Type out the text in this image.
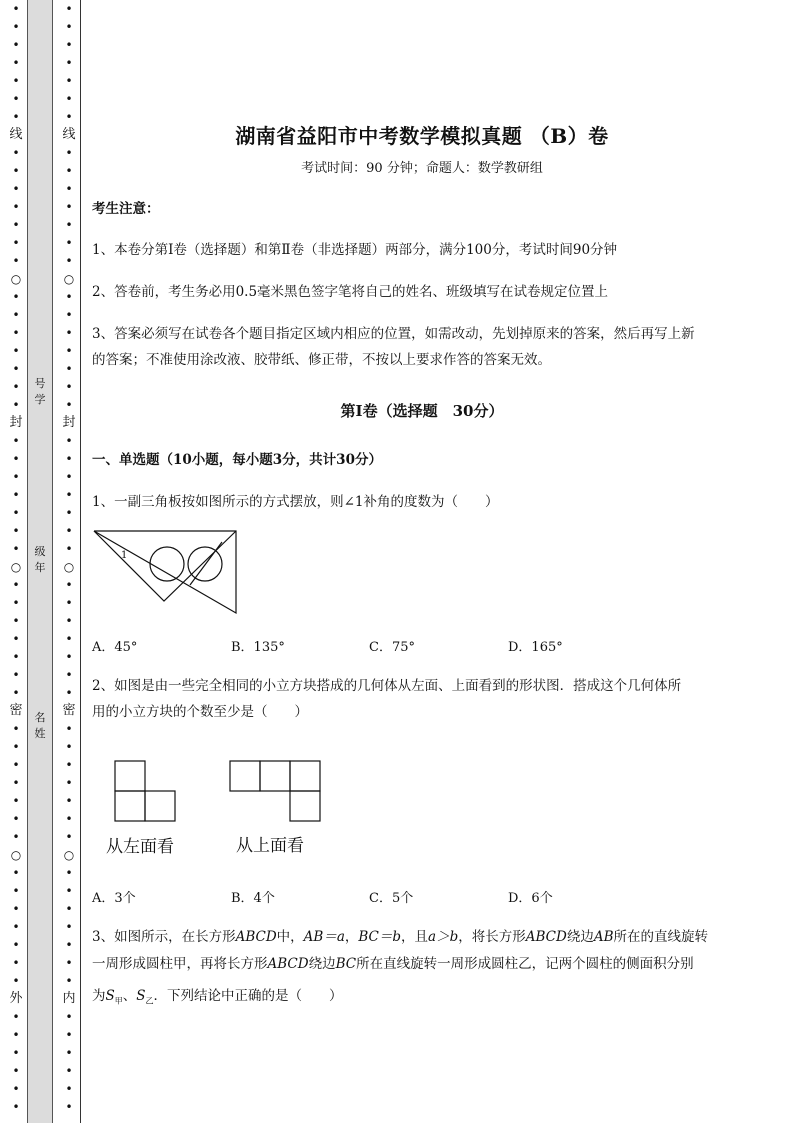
•
•
•
•
•
•
•
线
•
•
•
•
•
•
•
○
•
•
•
•
•
•
•
封
•
•
•
•
•
•
•
○
•
•
•
•
•
•
•
密
•
•
•
•
•
•
•
○
•
•
•
•
•
•
•
外
•
•
•
•
•
•
•
•
•
•
•
•
•
线
•
•
•
•
•
•
•
○
•
•
•
•
•
•
•
封
•
•
•
•
•
•
•
○
•
•
•
•
•
•
•
密
•
•
•
•
•
•
•
○
•
•
•
•
•
•
•
内
•
•
•
•
•
•
号
学
级
年
名
姓
湖南省益阳市中考数学模拟真题 （B）卷
考试时间：90 分钟；命题人：数学教研组
考生注意：
1、本卷分第Ⅰ卷（选择题）和第Ⅱ卷（非选择题）两部分，满分100分，考试时间90分钟
2、答卷前，考生务必用0.5毫米黑色签字笔将自己的姓名、班级填写在试卷规定位置上
3、答案必须写在试卷各个题目指定区域内相应的位置，如需改动，先划掉原来的答案，然后再写上新
的答案；不准使用涂改液、胶带纸、修正带，不按以上要求作答的答案无效。
第Ⅰ卷（选择题　30分）
一、单选题（10小题，每小题3分，共计30分）
1、一副三角板按如图所示的方式摆放，则∠1补角的度数为（　　）
1
A．45°	B．135°	C．75°	D．165°
2、如图是由一些完全相同的小立方块搭成的几何体从左面、上面看到的形状图．搭成这个几何体所
用的小立方块的个数至少是（　　）
从左面看	从上面看
A．3个	B．4个	C．5个	D．6个
3、如图所示，在长方形ABCD中，AB＝a，BC＝b，且a＞b，将长方形ABCD绕边AB所在的直线旋转
一周形成圆柱甲，再将长方形ABCD绕边BC所在直线旋转一周形成圆柱乙，记两个圆柱的侧面积分别
为$S_甲$、$S_乙$．下列结论中正确的是（　　）
